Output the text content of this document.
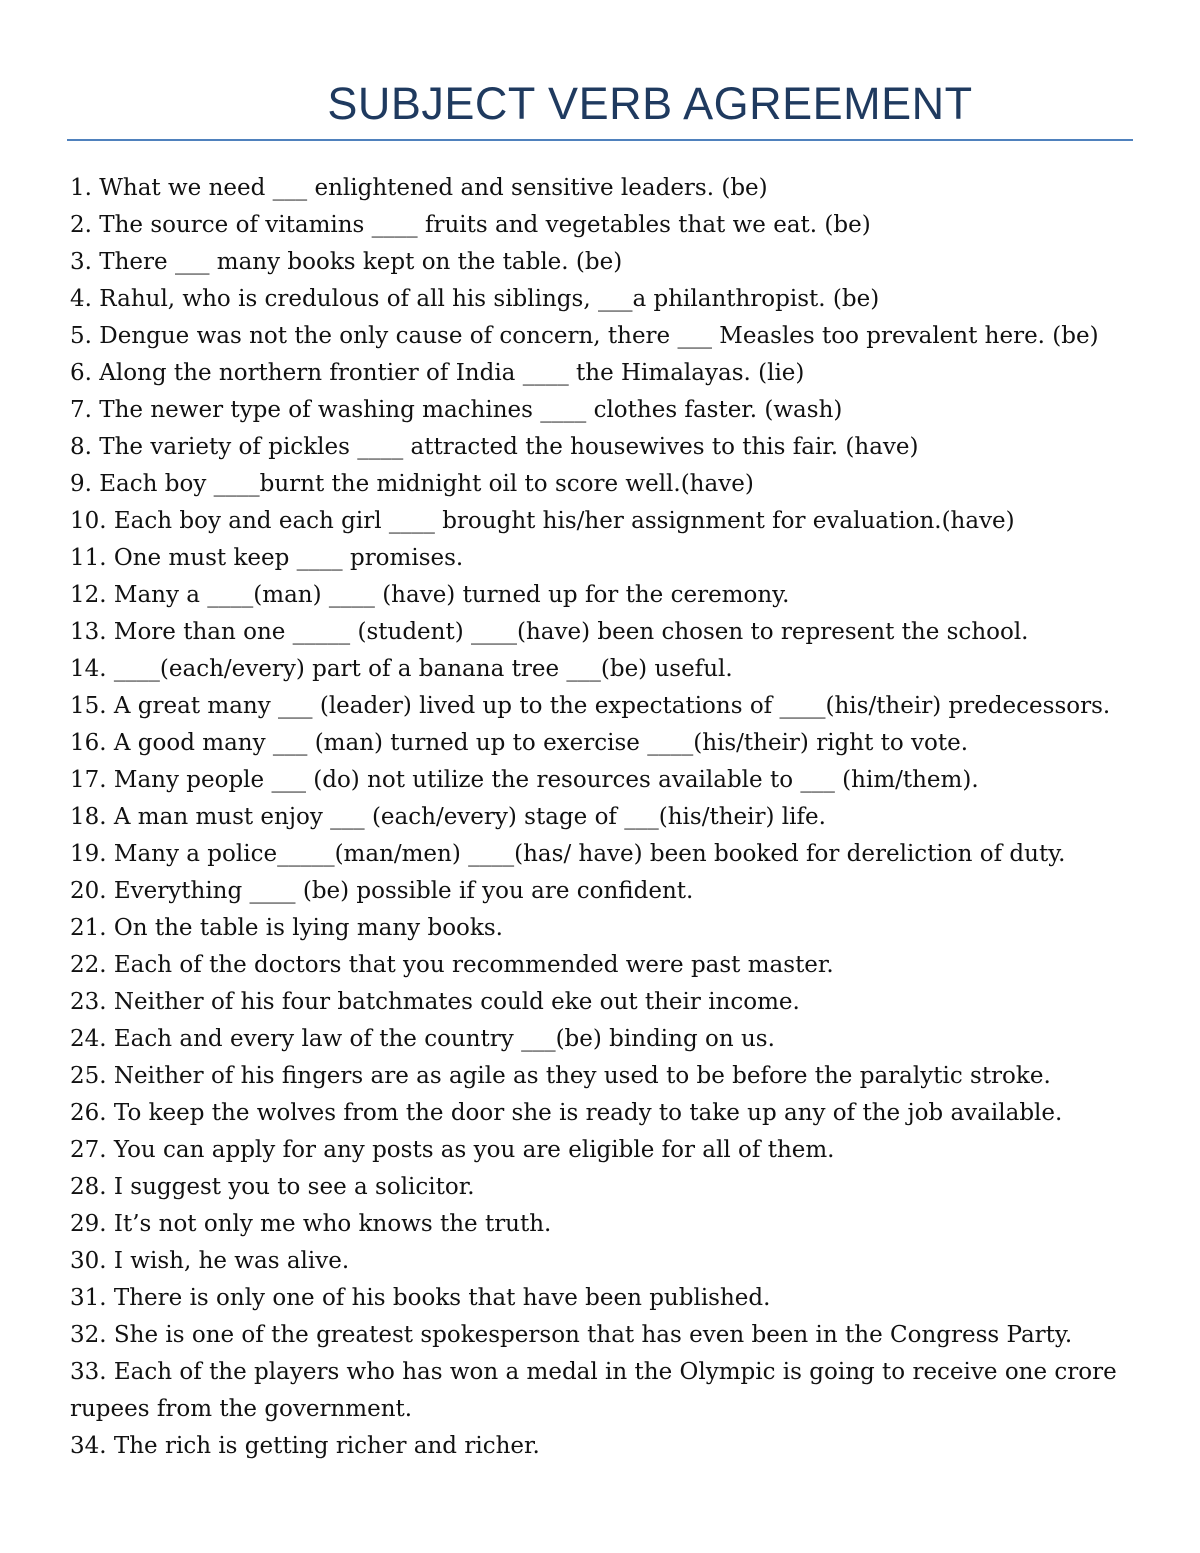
SUBJECT VERB AGREEMENT
1. What we need ___ enlightened and sensitive leaders. (be)
2. The source of vitamins ____ fruits and vegetables that we eat. (be)
3. There ___ many books kept on the table. (be)
4. Rahul, who is credulous of all his siblings, ___a philanthropist. (be)
5. Dengue was not the only cause of concern, there ___ Measles too prevalent here. (be)
6. Along the northern frontier of India ____ the Himalayas. (lie)
7. The newer type of washing machines ____ clothes faster. (wash)
8. The variety of pickles ____ attracted the housewives to this fair. (have)
9. Each boy ____burnt the midnight oil to score well.(have)
10. Each boy and each girl ____ brought his/her assignment for evaluation.(have)
11. One must keep ____ promises.
12. Many a ____(man) ____ (have) turned up for the ceremony.
13. More than one _____ (student) ____(have) been chosen to represent the school.
14. ____(each/every) part of a banana tree ___(be) useful.
15. A great many ___ (leader) lived up to the expectations of ____(his/their) predecessors.
16. A good many ___ (man) turned up to exercise ____(his/their) right to vote.
17. Many people ___ (do) not utilize the resources available to ___ (him/them).
18. A man must enjoy ___ (each/every) stage of ___(his/their) life.
19. Many a police_____(man/men) ____(has/ have) been booked for dereliction of duty.
20. Everything ____ (be) possible if you are confident.
21. On the table is lying many books.
22. Each of the doctors that you recommended were past master.
23. Neither of his four batchmates could eke out their income.
24. Each and every law of the country ___(be) binding on us.
25. Neither of his fingers are as agile as they used to be before the paralytic stroke.
26. To keep the wolves from the door she is ready to take up any of the job available.
27. You can apply for any posts as you are eligible for all of them.
28. I suggest you to see a solicitor.
29. It’s not only me who knows the truth.
30. I wish, he was alive.
31. There is only one of his books that have been published.
32. She is one of the greatest spokesperson that has even been in the Congress Party.
33. Each of the players who has won a medal in the Olympic is going to receive one crore rupees from the government.
34. The rich is getting richer and richer.
